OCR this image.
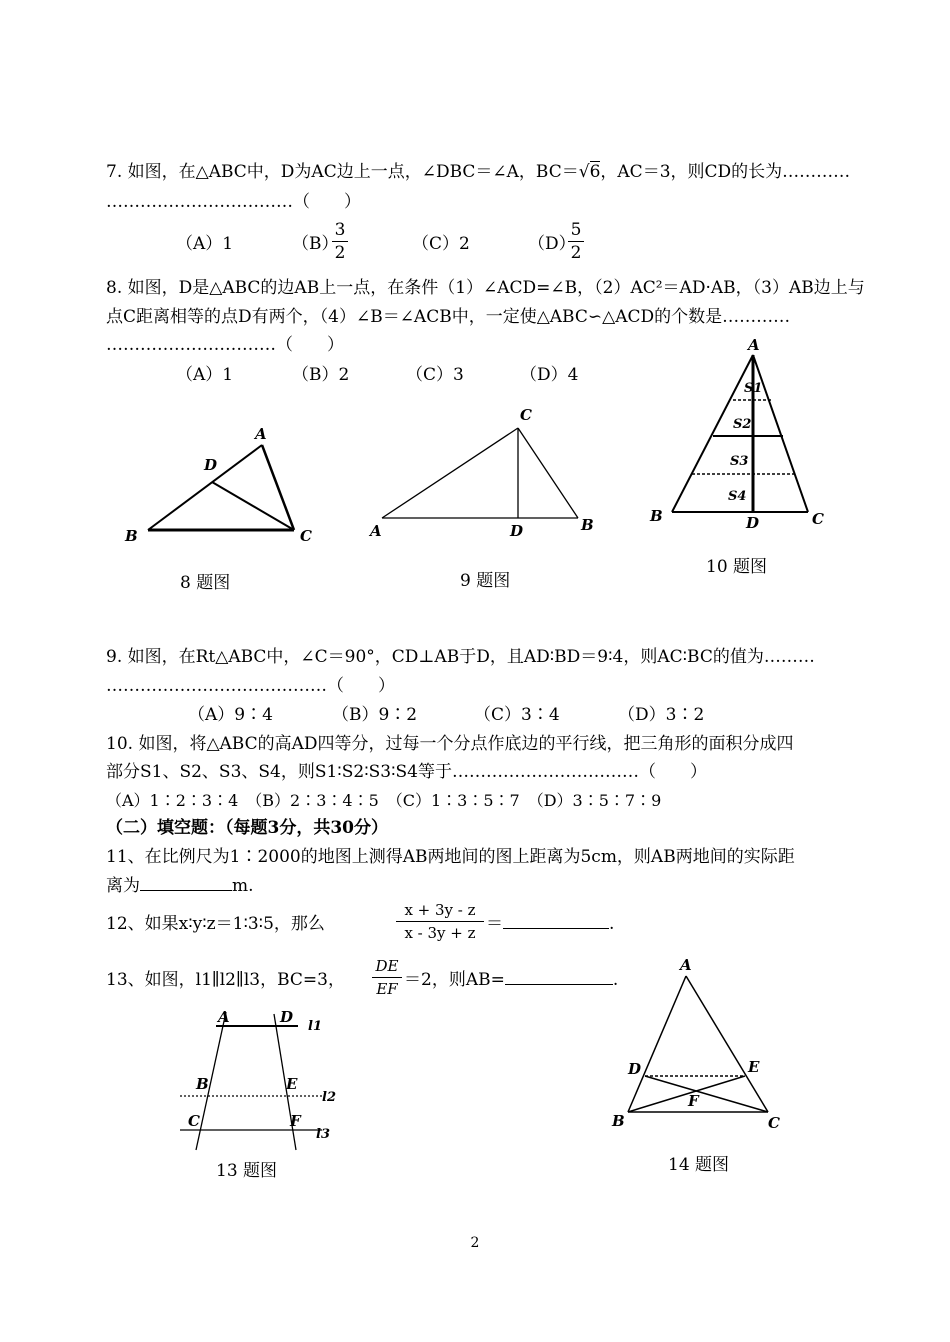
7. 如图，在△ABC中，D为AC边上一点，∠DBC＝∠A，BC＝√6，AC＝3，则CD的长为…………
……………………………（　　）
（A）1	（B）
3
2	（C）2	（D）
5
2
8. 如图，D是△ABC的边AB上一点，在条件（1）∠ACD=∠B，（2）AC²＝AD·AB，（3）AB边上与
点C距离相等的点D有两个，（4）∠B＝∠ACB中，一定使△ABC∽△ACD的个数是…………
…………………………（　　）
（A）1	（B）2	（C）3	（D）4
A
B	C
D
C
A	D	B
A
S1
S2
S3
S4
B	D	C
A	D
l1
B	E
l2
C	F
l3
A
D	E
F
B	C
8 题图	9 题图
10 题图
9. 如图，在Rt△ABC中，∠C＝90°，CD⊥AB于D，且AD∶BD＝9∶4，则AC∶BC的值为………
…………………………………（　　）
（A）9∶4	（B）9∶2	（C）3∶4	（D）3∶2
10. 如图，将△ABC的高AD四等分，过每一个分点作底边的平行线，把三角形的面积分成四
部分S1、S2、S3、S4，则S1∶S2∶S3∶S4等于……………………………（　　）
（A）1∶2∶3∶4　（B）2∶3∶4∶5　（C）1∶3∶5∶7　（D）3∶5∶7∶9
（二）填空题：（每题3分，共30分）
11、在比例尺为1∶2000的地图上测得AB两地间的图上距离为5cm，则AB两地间的实际距
离为	m.
12、如果x∶y∶z＝1∶3∶5，那么
x + 3y - z
x - 3y + z ＝	.
13、如图，l1∥l2∥l3，BC=3，
DE
EF ＝2，则AB=	.
13 题图	14 题图
2
